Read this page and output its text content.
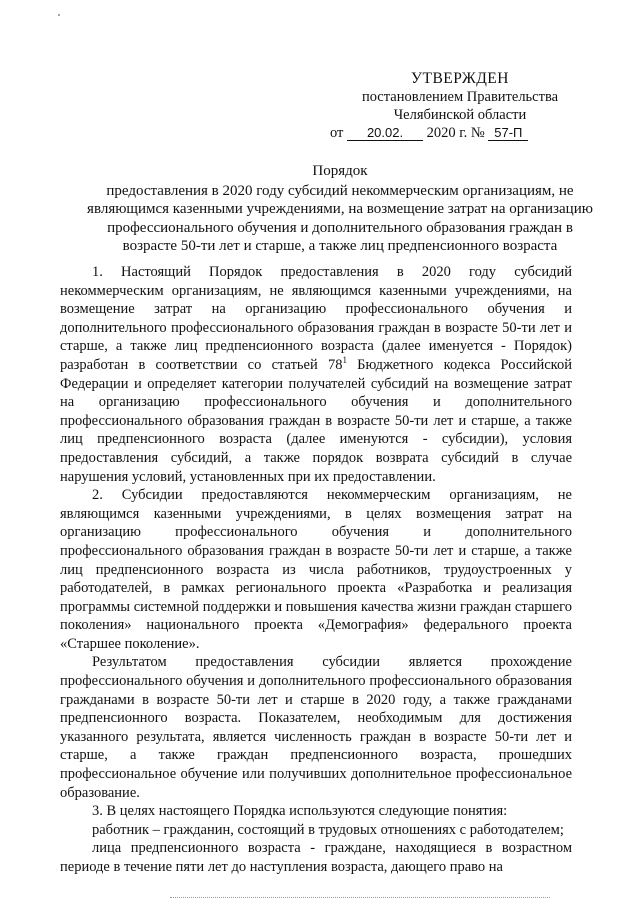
УТВЕРЖДЕН
постановлением Правительства
Челябинской области
от 20.02. 2020 г. № 57-П
Порядок
предоставления в 2020 году субсидий некоммерческим организациям, не
являющимся казенными учреждениями, на возмещение затрат на организацию
профессионального обучения и дополнительного образования граждан в
возрасте 50-ти лет и старше, а также лиц предпенсионного возраста

1. Настоящий Порядок предоставления в 2020 году субсидий некоммерческим организациям, не являющимся казенными учреждениями, на возмещение затрат на организацию профессионального обучения и дополнительного профессионального образования граждан в возрасте 50-ти лет и старше, а также лиц предпенсионного возраста (далее именуется - Порядок) разработан в соответствии со статьей $78^1$ Бюджетного кодекса Российской Федерации и определяет категории получателей субсидий на возмещение затрат на организацию профессионального обучения и дополнительного профессионального образования граждан в возрасте 50-ти лет и старше, а также лиц предпенсионного возраста (далее именуются - субсидии), условия предоставления субсидий, а также порядок возврата субсидий в случае нарушения условий, установленных при их предоставлении.

2. Субсидии предоставляются некоммерческим организациям, не являющимся казенными учреждениями, в целях возмещения затрат на организацию профессионального обучения и дополнительного профессионального образования граждан в возрасте 50-ти лет и старше, а также лиц предпенсионного возраста из числа работников, трудоустроенных у работодателей, в рамках регионального проекта «Разработка и реализация программы системной поддержки и повышения качества жизни граждан старшего поколения» национального проекта «Демография» федерального проекта «Старшее поколение».

Результатом предоставления субсидии является прохождение профессионального обучения и дополнительного профессионального образования гражданами в возрасте 50-ти лет и старше в 2020 году, а также гражданами предпенсионного возраста. Показателем, необходимым для достижения указанного результата, является численность граждан в возрасте 50-ти лет и старше, а также граждан предпенсионного возраста, прошедших профессиональное обучение или получивших дополнительное профессиональное образование.

3. В целях настоящего Порядка используются следующие понятия:

работник – гражданин, состоящий в трудовых отношениях с работодателем;

лица предпенсионного возраста - граждане, находящиеся в возрастном периоде в течение пяти лет до наступления возраста, дающего право на
